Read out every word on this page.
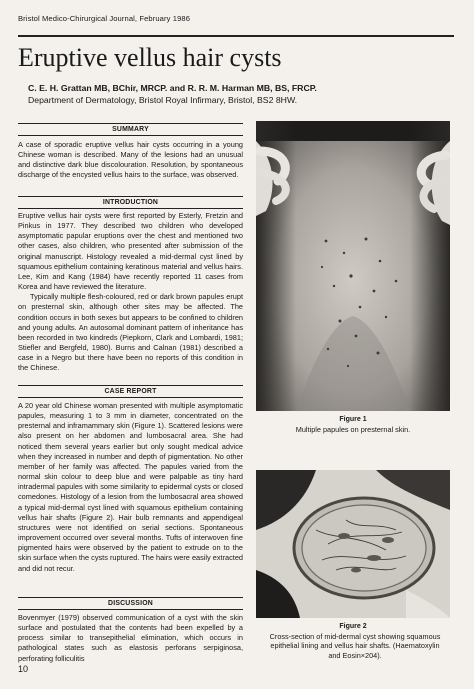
Bristol Medico-Chirurgical Journal, February 1986
Eruptive vellus hair cysts
C. E. H. Grattan MB, BChir, MRCP. and R. R. M. Harman MB, BS, FRCP.
Department of Dermatology, Bristol Royal Infirmary, Bristol, BS2 8HW.
SUMMARY

A case of sporadic eruptive vellus hair cysts occurring in a young Chinese woman is described. Many of the lesions had an unusual and distinctive dark blue discolouration. Resolution, by spontaneous discharge of the encysted vellus hairs to the surface, was observed.

INTRODUCTION

Eruptive vellus hair cysts were first reported by Esterly, Fretzin and Pinkus in 1977. They described two children who developed asymptomatic papular eruptions over the chest and mentioned two other cases, also children, who presented after submission of the original manuscript. Histology revealed a mid-dermal cyst lined by squamous epithelium containing keratinous material and vellus hairs. Lee, Kim and Kang (1984) have recently reported 11 cases from Korea and have reviewed the literature.

Typically multiple flesh-coloured, red or dark brown papules erupt on presternal skin, although other sites may be affected. The condition occurs in both sexes but appears to be confined to children and young adults. An autosomal dominant pattern of inheritance has been recorded in two kindreds (Piepkorn, Clark and Lombardi, 1981; Stiefler and Bergfeld, 1980). Burns and Calnan (1981) described a case in a Negro but there have been no reports of this condition in the Chinese.

CASE REPORT

A 20 year old Chinese woman presented with multiple asymptomatic papules, measuring 1 to 3 mm in diameter, concentrated on the presternal and inframammary skin (Figure 1). Scattered lesions were also present on her abdomen and lumbosacral area. She had noticed them several years earlier but only sought medical advice when they increased in number and depth of pigmentation. No other member of her family was affected. The papules varied from the normal skin colour to deep blue and were palpable as tiny hard intradermal papules with some similarity to epidermal cysts or closed comedones. Histology of a lesion from the lumbosacral area showed a typical mid-dermal cyst lined with squamous epithelium containing vellus hair shafts (Figure 2). Hair bulb remnants and appendigeal structures were not identified on serial sections. Spontaneous improvement occurred over several months. Tufts of interwoven fine pigmented hairs were observed by the patient to extrude on to the skin surface when the cysts ruptured. The hairs were easily extracted and did not recur.

DISCUSSION

Bovenmyer (1979) observed communication of a cyst with the skin surface and postulated that the contents had been expelled by a process similar to transepithelial elimination, which occurs in pathological states such as elastosis perforans serpiginosa, perforating folliculitis

Figure 1
Multiple papules on presternal skin.
Figure 2
Cross-section of mid-dermal cyst showing squamous epithelial lining and vellus hair shafts. (Haematoxylin and Eosin×204).
10
